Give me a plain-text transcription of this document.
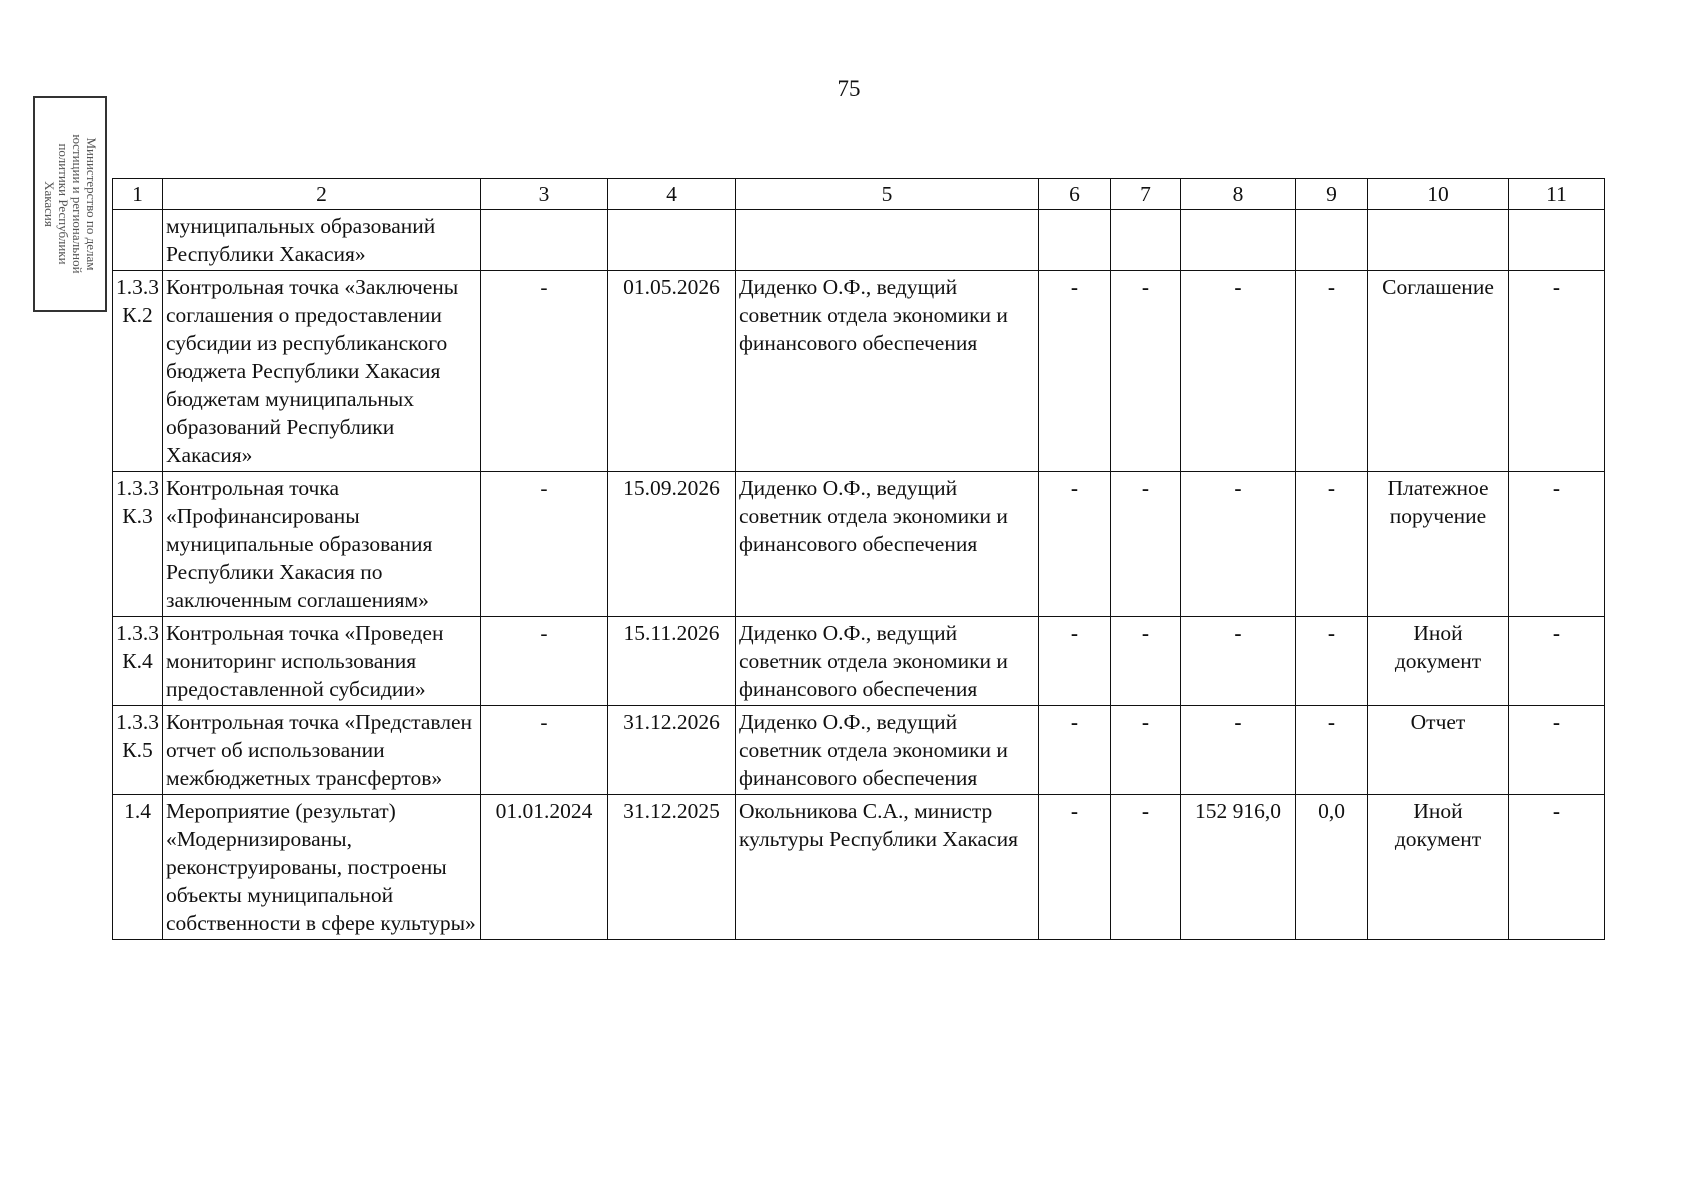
75
Министерство по делам
юстиции и региональной
политики Республики
Хакасия	1	2	3	4	5	6	7	8	9	10	11
	муниципальных образований Республики Хакасия»									
1.3.3 К.2	Контрольная точка «Заключены соглашения о предоставлении субсидии из республиканского бюджета Республики Хакасия бюджетам муниципальных образований Республики Хакасия»	-	01.05.2026	Диденко О.Ф., ведущий советник отдела экономики и финансового обеспечения	-	-	-	-	Соглашение	-
1.3.3 К.3	Контрольная точка «Профинансированы муниципальные образования Республики Хакасия по заключенным соглашениям»	-	15.09.2026	Диденко О.Ф., ведущий советник отдела экономики и финансового обеспечения	-	-	-	-	Платежное поручение	-
1.3.3 К.4	Контрольная точка «Проведен мониторинг использования предоставленной субсидии»	-	15.11.2026	Диденко О.Ф., ведущий советник отдела экономики и финансового обеспечения	-	-	-	-	Иной документ	-
1.3.3 К.5	Контрольная точка «Представлен отчет об использовании межбюджетных трансфертов»	-	31.12.2026	Диденко О.Ф., ведущий советник отдела экономики и финансового обеспечения	-	-	-	-	Отчет	-
1.4	Мероприятие (результат) «Модернизированы, реконструированы, построены объекты муниципальной собственности в сфере культуры»	01.01.2024	31.12.2025	Окольникова С.А., министр культуры Республики Хакасия	-	-	152 916,0	0,0	Иной документ	-
